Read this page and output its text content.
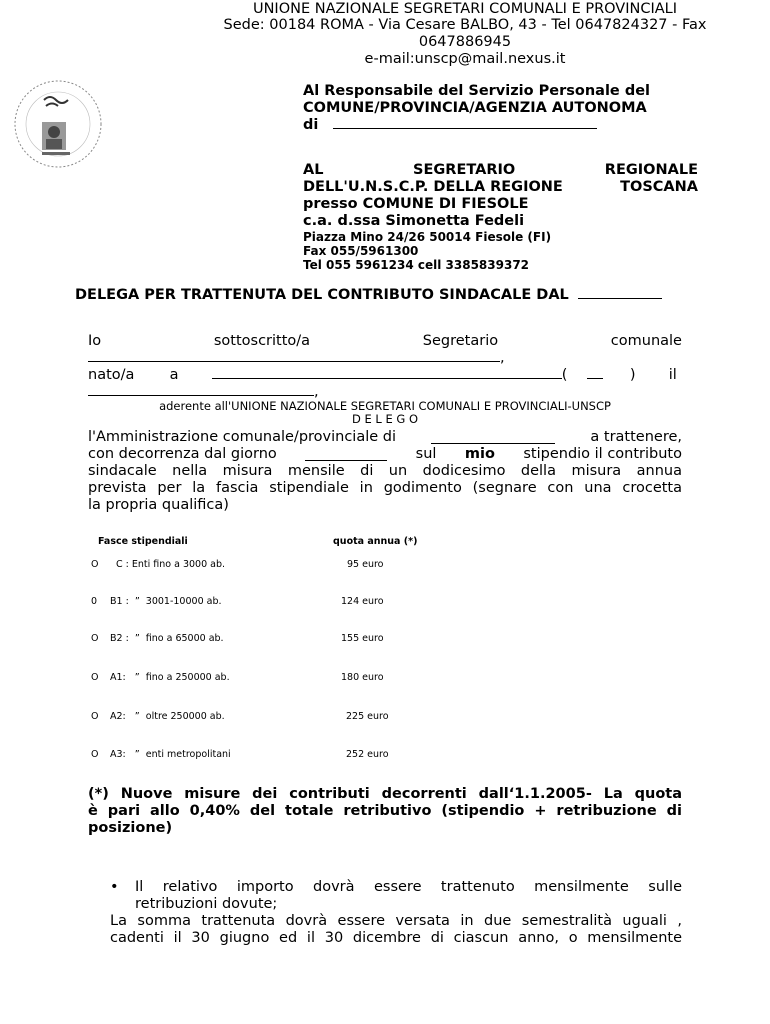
UNIONE NAZIONALE SEGRETARI COMUNALI E PROVINCIALI
Sede: 00184 ROMA - Via Cesare BALBO, 43 - Tel 0647824327 - Fax
0647886945
e-mail:unscp@mail.nexus.it
Al Responsabile del Servizio Personale del
COMUNE/PROVINCIA/AGENZIA AUTONOMA
di
AL	SEGRETARIO	REGIONALE
DELL'U.N.S.C.P. DELLA REGIONE	TOSCANA
presso COMUNE DI FIESOLE
c.a. d.ssa Simonetta Fedeli
Piazza Mino 24/26 50014 Fiesole (FI)
Fax 055/5961300
Tel 055 5961234 cell 3385839372
DELEGA PER TRATTENUTA DEL CONTRIBUTO SINDACALE DAL
Io	sottoscritto/a	Segretario	comunale
,
nato/a a	(	) il
,
aderente all'UNIONE NAZIONALE SEGRETARI COMUNALI E PROVINCIALI-UNSCP
D E L E G O
l'Amministrazione comunale/provinciale di	a trattenere,
con decorrenza dal giorno	sul mio stipendio il contributo
sindacale nella misura mensile di un dodicesimo della misura annua
prevista per la fascia stipendiale in godimento (segnare con una crocetta
la propria qualifica)
Fasce stipendiali	quota annua (*)
O C : Enti fino a 3000 ab.	95 euro
0 B1 :  ”  3001-10000 ab.	124 euro
O B2 :  ”  fino a 65000 ab.	155 euro
O A1:   ”  fino a 250000 ab.	180 euro
O A2:   ”  oltre 250000 ab.	225 euro
O A3:   ”  enti metropolitani	252 euro
(*) Nuove misure dei contributi decorrenti dall‘1.1.2005- La quota
è pari allo 0,40% del totale retributivo (stipendio + retribuzione di
posizione)
• Il relativo importo dovrà essere trattenuto mensilmente sulle
retribuzioni dovute;
La somma trattenuta dovrà essere versata in due semestralità uguali ,
cadenti il 30 giugno ed il 30 dicembre di ciascun anno, o mensilmente
